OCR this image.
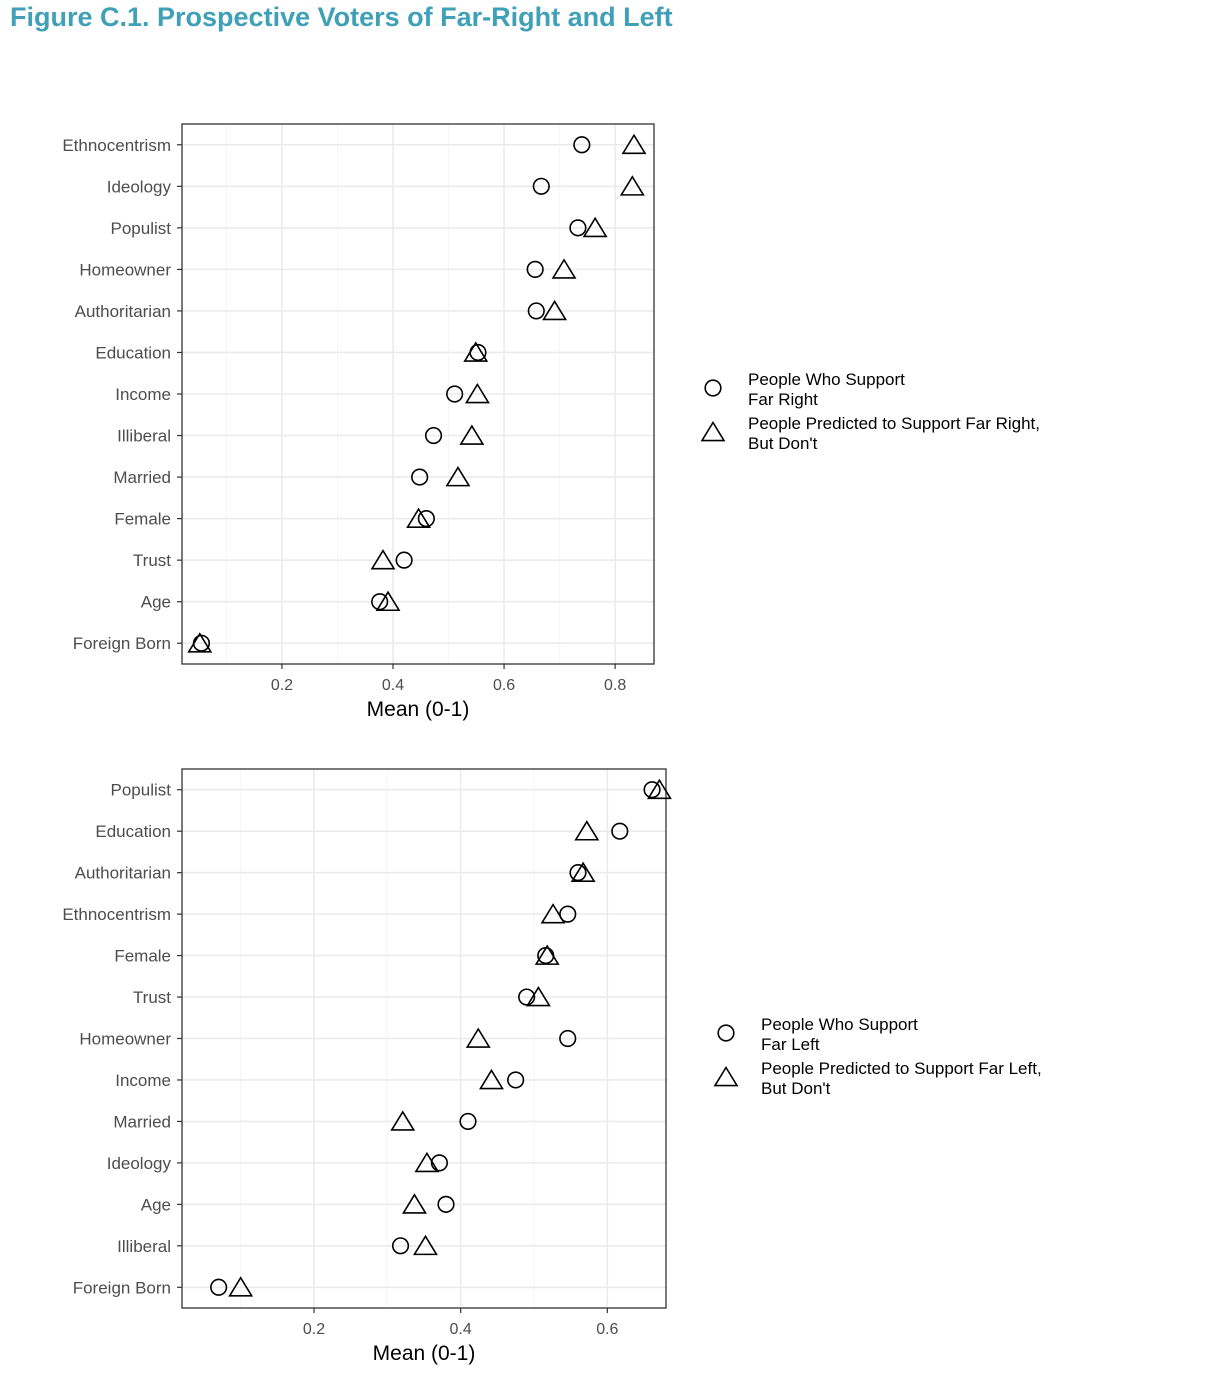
Figure C.1. Prospective Voters of Far-Right and Left
Ethnocentrism
Ideology
Populist
Homeowner
Authoritarian
Education
Income
Illiberal
Married
Female
Trust
Age
Foreign Born
0.2	0.4	0.6	0.8
Mean (0-1)
People Who Support
Far Right
People Predicted to Support Far Right,
But Don't
Populist
Education
Authoritarian
Ethnocentrism
Female
Trust
Homeowner
Income
Married
Ideology
Age
Illiberal
Foreign Born
0.2	0.4	0.6
Mean (0-1)
People Who Support
Far Left
People Predicted to Support Far Left,
But Don't
